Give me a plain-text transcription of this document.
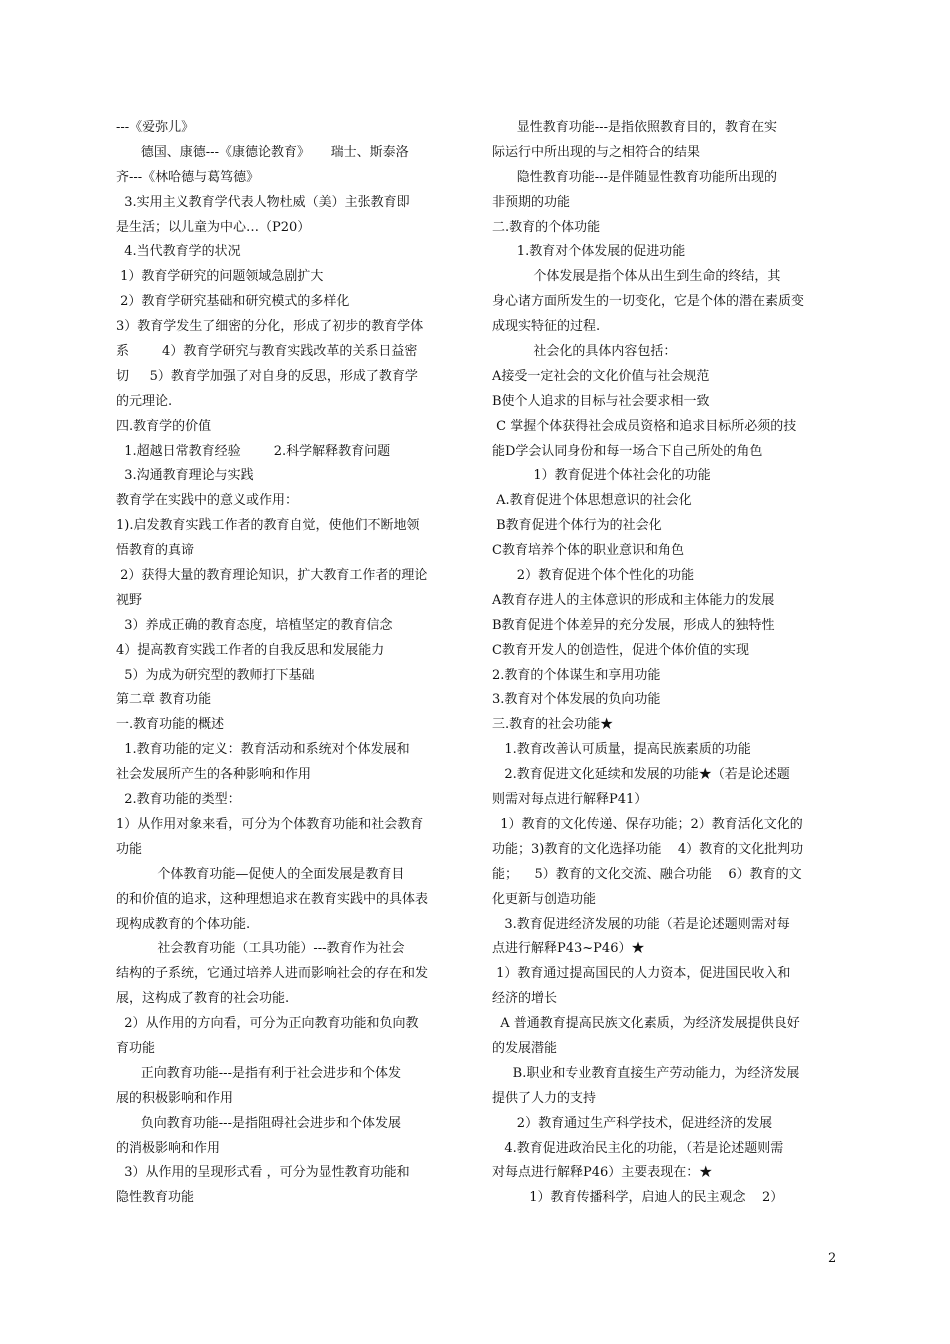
---《爱弥儿》
德国、康德---《康德论教育》     瑞士、斯泰洛
齐---《林哈德与葛笃德》
3.实用主义教育学代表人物杜威（美）主张教育即
是生活；以儿童为中心…（P20）
4.当代教育学的状况
1）教育学研究的问题领域急剧扩大
2）教育学研究基础和研究模式的多样化
3）教育学发生了细密的分化，形成了初步的教育学体
系        4）教育学研究与教育实践改革的关系日益密
切     5）教育学加强了对自身的反思，形成了教育学
的元理论.
四.教育学的价值
1.超越日常教育经验        2.科学解释教育问题
3.沟通教育理论与实践
教育学在实践中的意义或作用：
1).启发教育实践工作者的教育自觉，使他们不断地领
悟教育的真谛
2）获得大量的教育理论知识，扩大教育工作者的理论
视野
3）养成正确的教育态度，培植坚定的教育信念
4）提高教育实践工作者的自我反思和发展能力
5）为成为研究型的教师打下基础
第二章 教育功能
一.教育功能的概述
1.教育功能的定义：教育活动和系统对个体发展和
社会发展所产生的各种影响和作用
2.教育功能的类型：
1）从作用对象来看，可分为个体教育功能和社会教育
功能
个体教育功能—促使人的全面发展是教育目
的和价值的追求，这种理想追求在教育实践中的具体表
现构成教育的个体功能.
社会教育功能（工具功能）---教育作为社会
结构的子系统，它通过培养人进而影响社会的存在和发
展，这构成了教育的社会功能.
2）从作用的方向看，可分为正向教育功能和负向教
育功能
正向教育功能---是指有利于社会进步和个体发
展的积极影响和作用
负向教育功能---是指阻碍社会进步和个体发展
的消极影响和作用
3）从作用的呈现形式看 ，可分为显性教育功能和
隐性教育功能
显性教育功能---是指依照教育目的，教育在实
际运行中所出现的与之相符合的结果
隐性教育功能---是伴随显性教育功能所出现的
非预期的功能
二.教育的个体功能
1.教育对个体发展的促进功能
个体发展是指个体从出生到生命的终结，其
身心诸方面所发生的一切变化，它是个体的潜在素质变
成现实特征的过程.
社会化的具体内容包括：
A接受一定社会的文化价值与社会规范
B使个人追求的目标与社会要求相一致
C 掌握个体获得社会成员资格和追求目标所必须的技
能D学会认同身份和每一场合下自己所处的角色
1）教育促进个体社会化的功能
A.教育促进个体思想意识的社会化
B教育促进个体行为的社会化
C教育培养个体的职业意识和角色
2）教育促进个体个性化的功能
A教育存进人的主体意识的形成和主体能力的发展
B教育促进个体差异的充分发展，形成人的独特性
C教育开发人的创造性，促进个体价值的实现
2.教育的个体谋生和享用功能
3.教育对个体发展的负向功能
三.教育的社会功能★
1.教育改善认可质量，提高民族素质的功能
2.教育促进文化延续和发展的功能★（若是论述题
则需对每点进行解释P41）
1）教育的文化传递、保存功能；2）教育活化文化的
功能；3)教育的文化选择功能    4）教育的文化批判功
能；    5）教育的文化交流、融合功能    6）教育的文
化更新与创造功能
3.教育促进经济发展的功能（若是论述题则需对每
点进行解释P43~P46）★
1）教育通过提高国民的人力资本，促进国民收入和
经济的增长
A 普通教育提高民族文化素质，为经济发展提供良好
的发展潜能
B.职业和专业教育直接生产劳动能力，为经济发展
提供了人力的支持
2）教育通过生产科学技术，促进经济的发展
4.教育促进政治民主化的功能，（若是论述题则需
对每点进行解释P46）主要表现在：★
1）教育传播科学，启迪人的民主观念    2）
2
